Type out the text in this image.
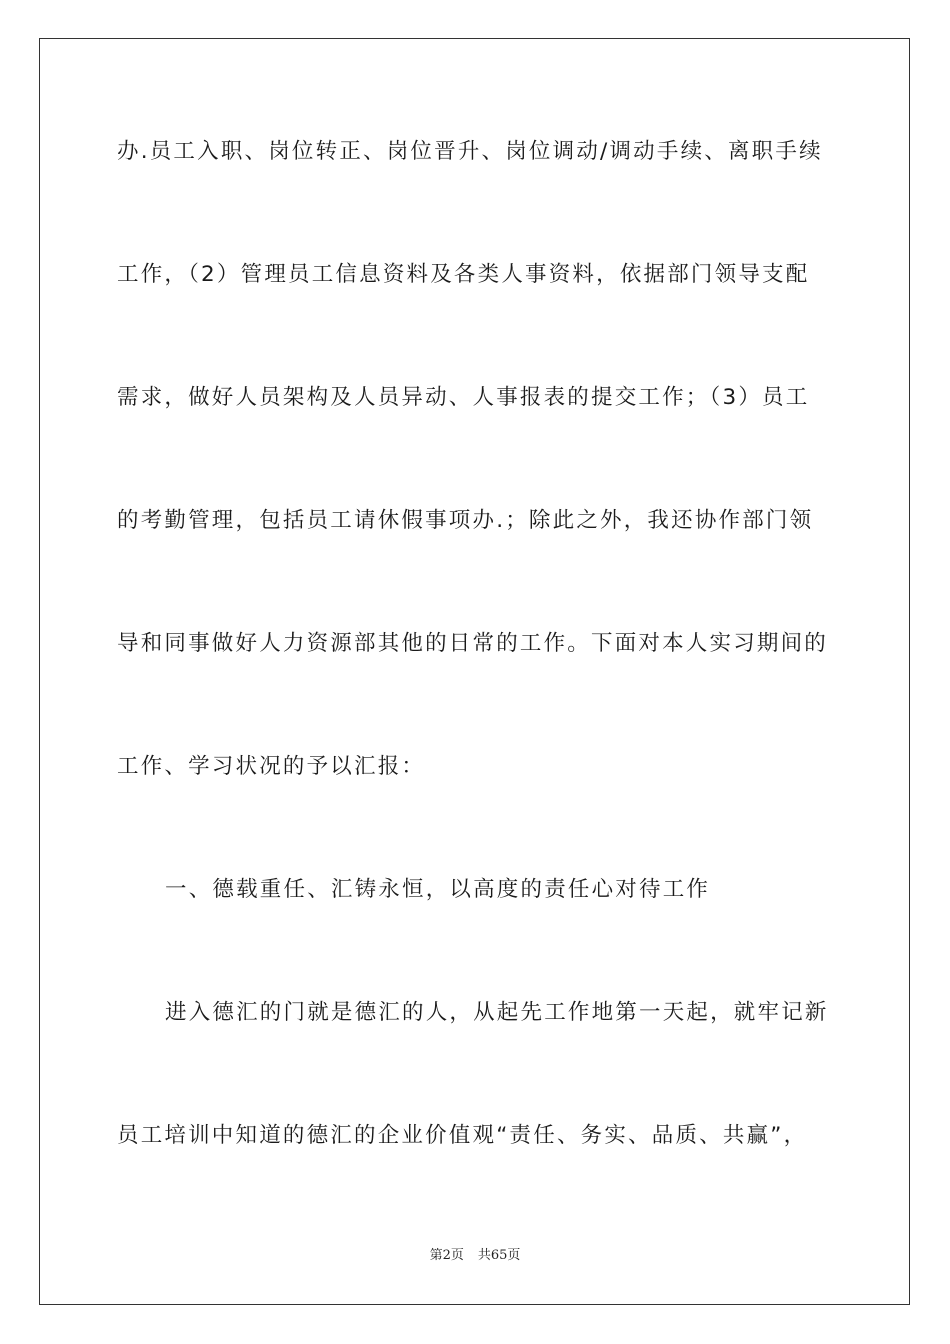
办.员工入职、岗位转正、岗位晋升、岗位调动/调动手续、离职手续
工作，（2）管理员工信息资料及各类人事资料，依据部门领导支配
需求，做好人员架构及人员异动、人事报表的提交工作；（3）员工
的考勤管理，包括员工请休假事项办.；除此之外，我还协作部门领
导和同事做好人力资源部其他的日常的工作。下面对本人实习期间的
工作、学习状况的予以汇报：
一、德载重任、汇铸永恒，以高度的责任心对待工作
进入德汇的门就是德汇的人，从起先工作地第一天起，就牢记新
员工培训中知道的德汇的企业价值观“责任、务实、品质、共赢”，
第2页 共65页
